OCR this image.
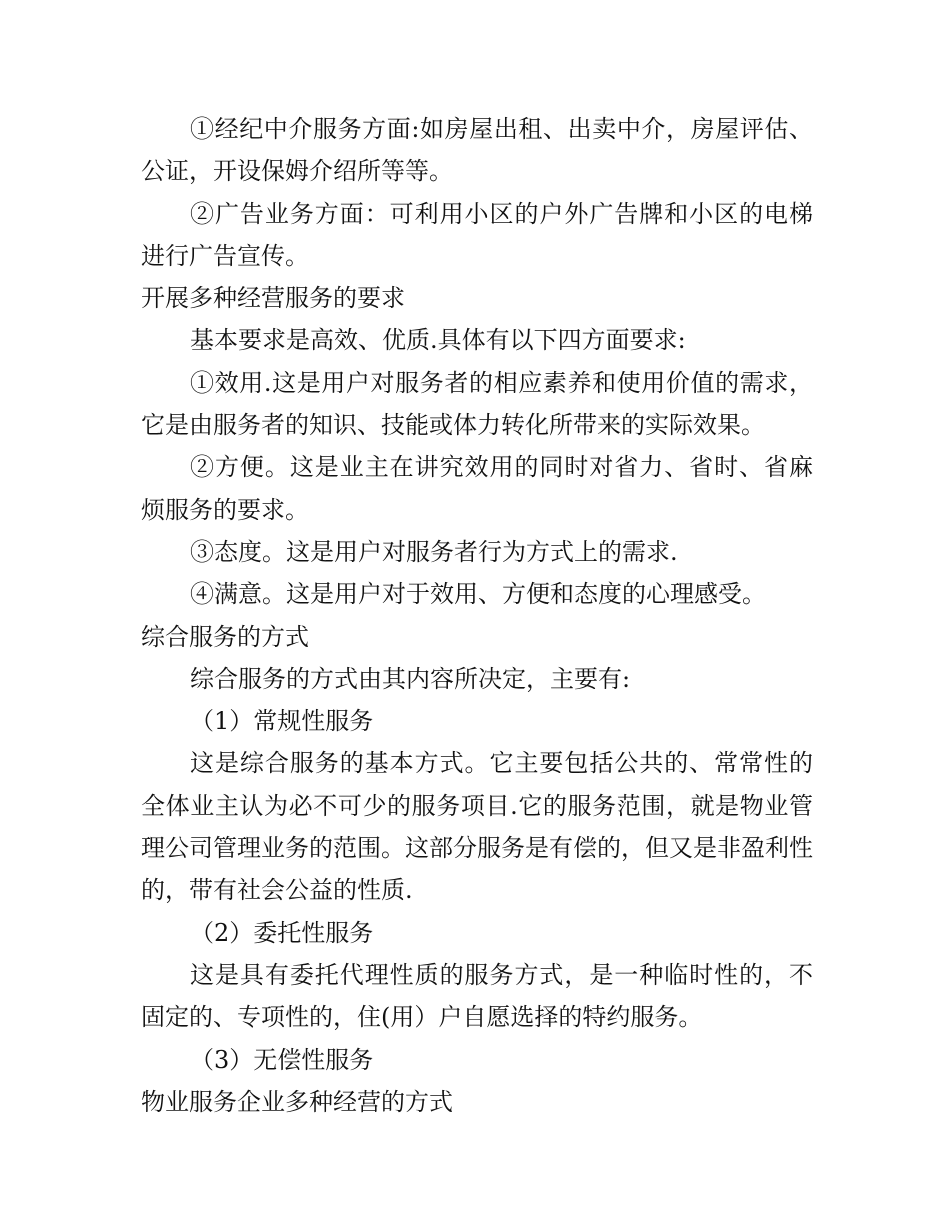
①经纪中介服务方面:如房屋出租、出卖中介，房屋评估、公证，开设保姆介绍所等等。

②广告业务方面：可利用小区的户外广告牌和小区的电梯进行广告宣传。

开展多种经营服务的要求

基本要求是高效、优质.具体有以下四方面要求:

①效用.这是用户对服务者的相应素养和使用价值的需求，它是由服务者的知识、技能或体力转化所带来的实际效果。

②方便。这是业主在讲究效用的同时对省力、省时、省麻烦服务的要求。

③态度。这是用户对服务者行为方式上的需求.

④满意。这是用户对于效用、方便和态度的心理感受。

综合服务的方式

综合服务的方式由其内容所决定，主要有:

（1）常规性服务

这是综合服务的基本方式。它主要包括公共的、常常性的全体业主认为必不可少的服务项目.它的服务范围，就是物业管理公司管理业务的范围。这部分服务是有偿的，但又是非盈利性的，带有社会公益的性质.

（2）委托性服务

这是具有委托代理性质的服务方式，是一种临时性的，不固定的、专项性的，住(用）户自愿选择的特约服务。

（3）无偿性服务

物业服务企业多种经营的方式
